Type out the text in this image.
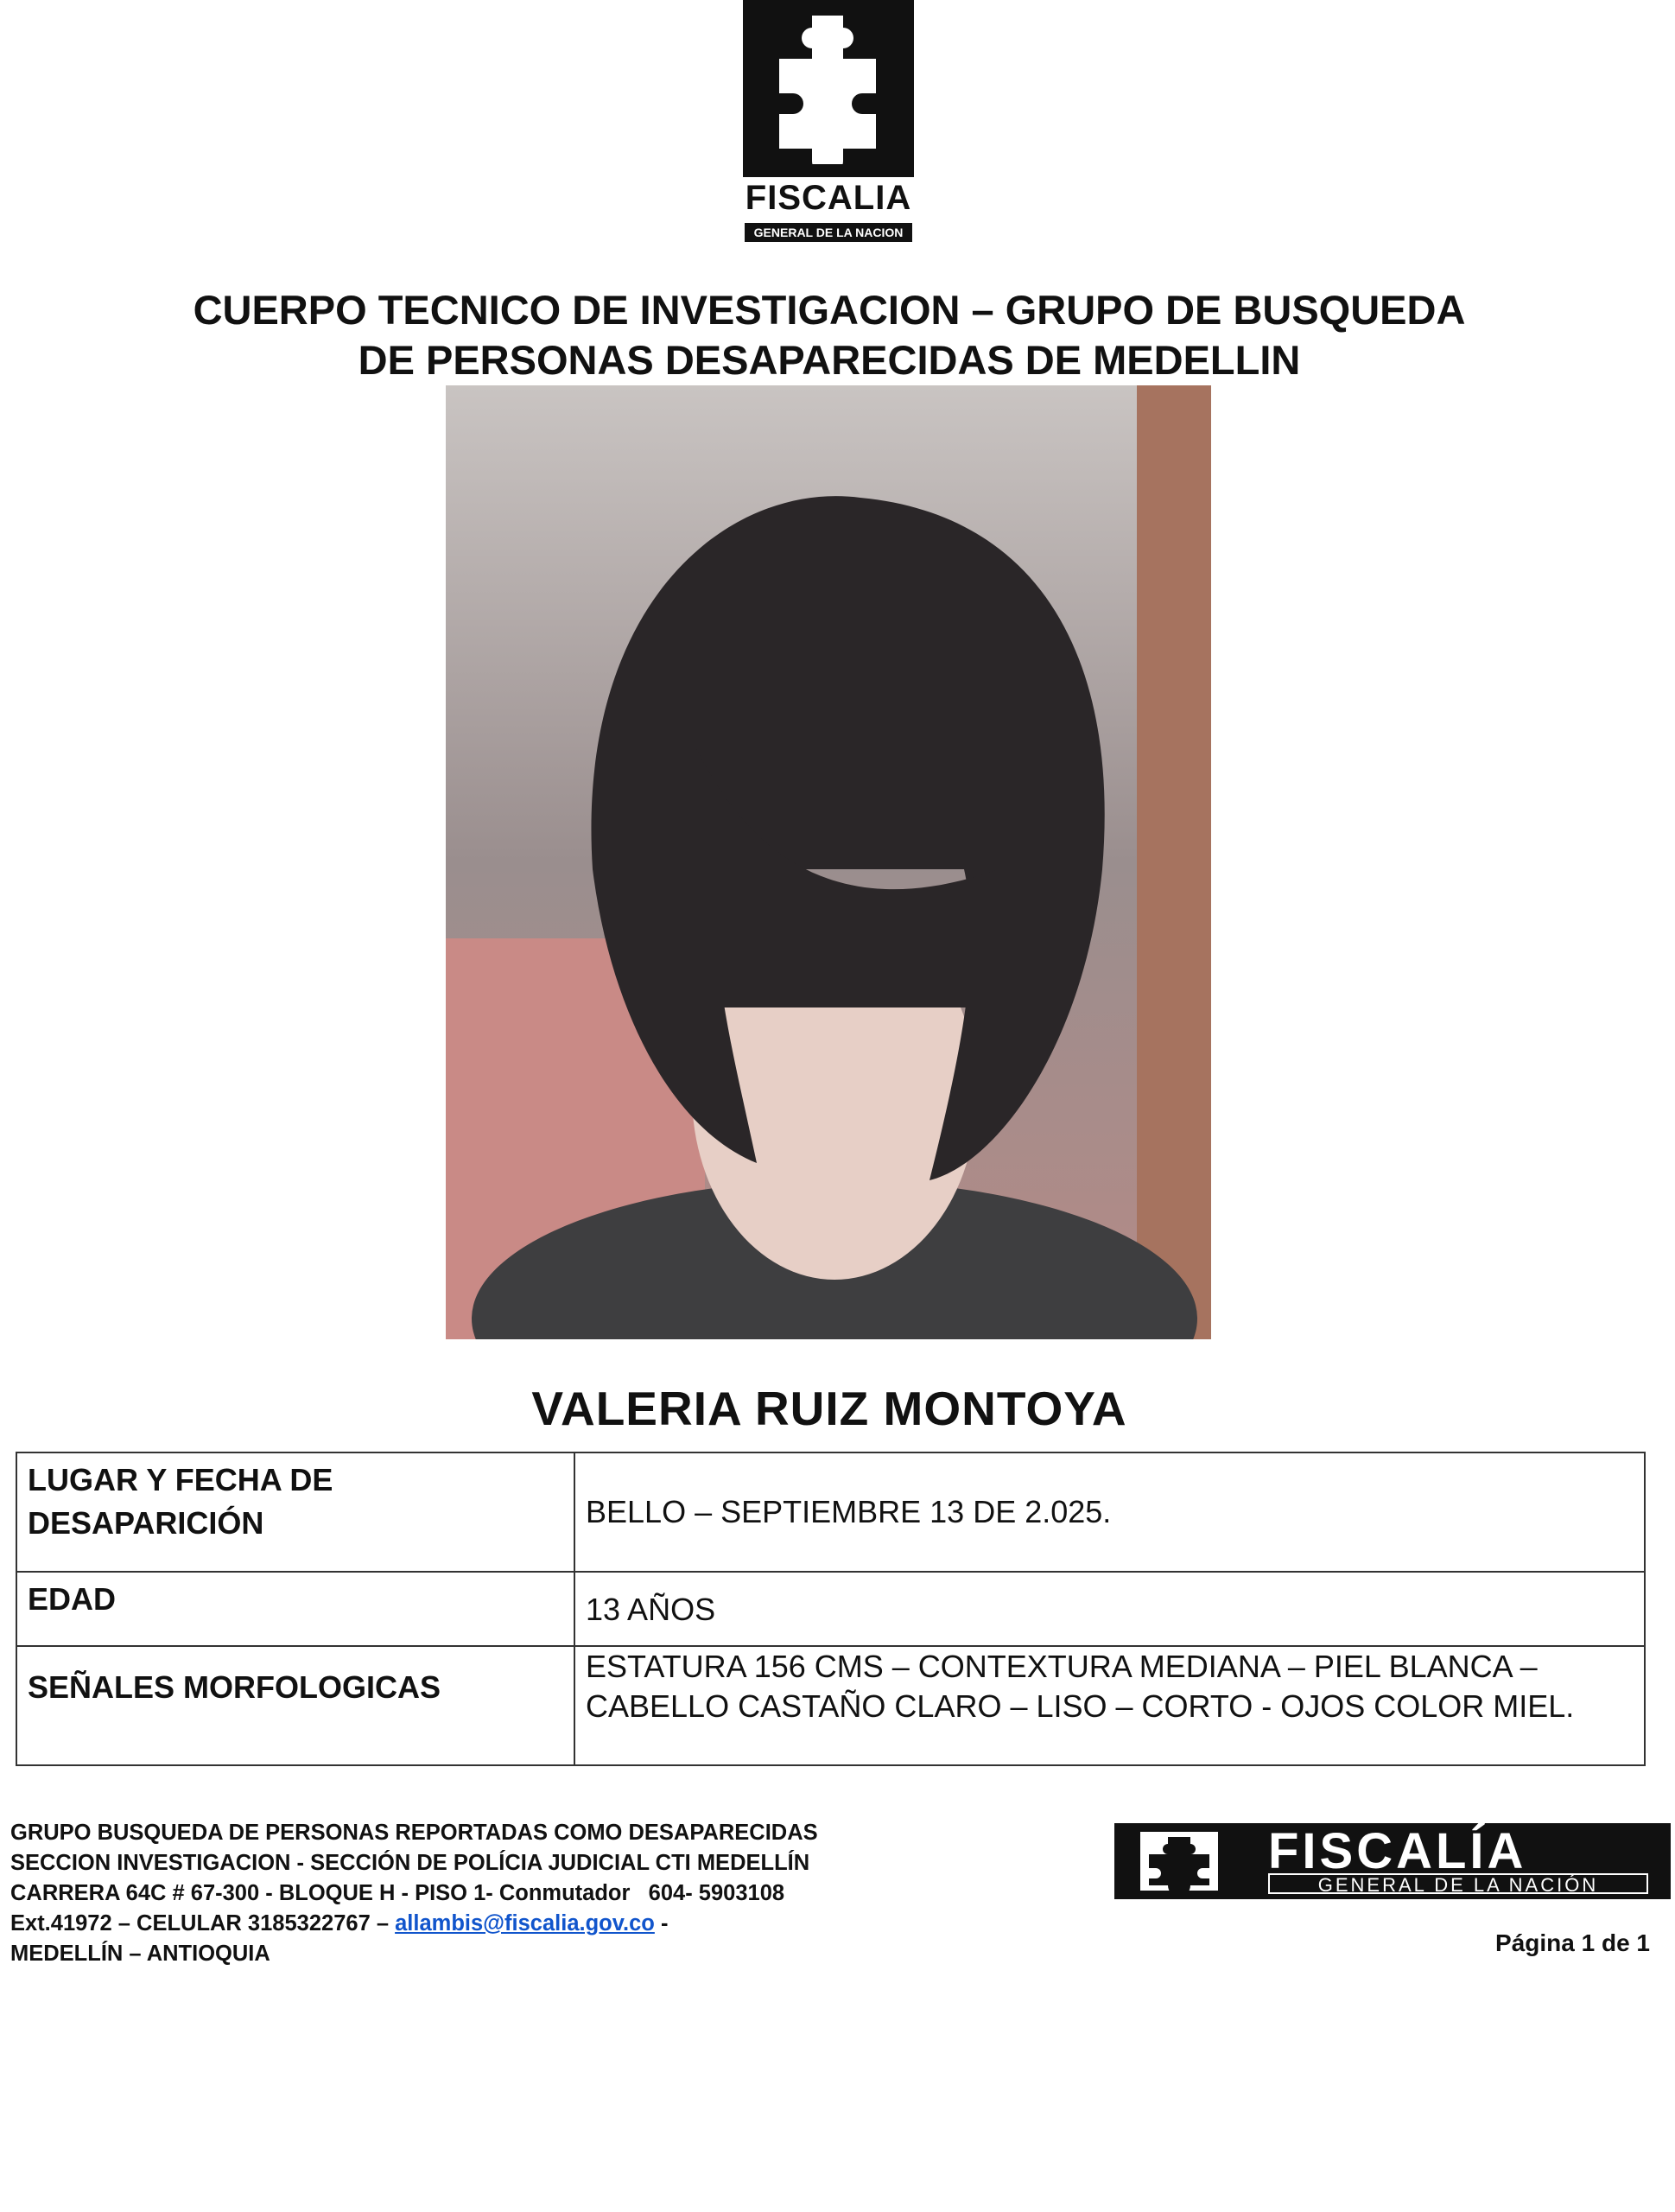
FISCALIA
GENERAL DE LA NACION
CUERPO TECNICO DE INVESTIGACION – GRUPO DE BUSQUEDA
DE PERSONAS DESAPARECIDAS DE MEDELLIN
VALERIA RUIZ MONTOYA
LUGAR Y FECHA DE DESAPARICIÓN	BELLO – SEPTIEMBRE 13 DE 2.025.

EDAD	13 AÑOS

SEÑALES MORFOLOGICAS	ESTATURA 156 CMS – CONTEXTURA MEDIANA – PIEL BLANCA – CABELLO CASTAÑO CLARO – LISO – CORTO - OJOS COLOR MIEL.
GRUPO BUSQUEDA DE PERSONAS REPORTADAS COMO DESAPARECIDAS
SECCION INVESTIGACION - SECCIÓN DE POLÍCIA JUDICIAL CTI MEDELLÍN
CARRERA 64C # 67-300 - BLOQUE H - PISO 1- Conmutador   604- 5903108
Ext.41972 – CELULAR 3185322767 – allambis@fiscalia.gov.co -
MEDELLÍN – ANTIOQUIA
FISCALÍA
GENERAL DE LA NACIÓN
Página 1 de 1
